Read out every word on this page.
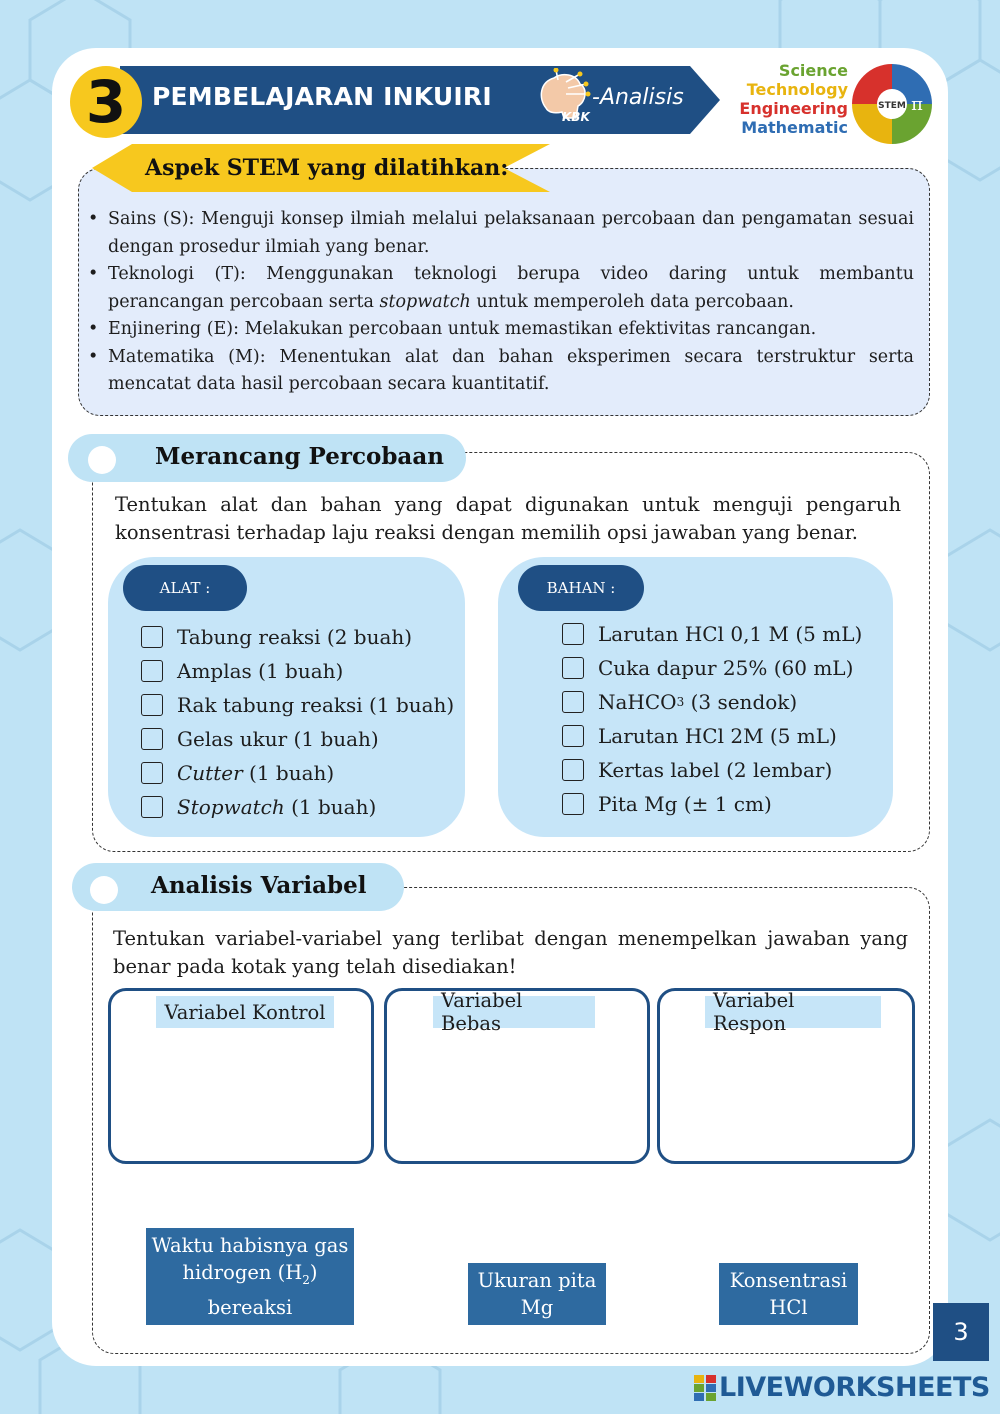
3	PEMBELAJARAN INKUIRI
KBK
-Analisis
Science
Technology
Engineering
Mathematic
STEM π
Aspek STEM yang dilatihkan:
• Sains (S): Menguji konsep ilmiah melalui pelaksanaan percobaan dan pengamatan sesuai dengan prosedur ilmiah yang benar.
• Teknologi (T): Menggunakan teknologi berupa video daring untuk membantu perancangan percobaan serta stopwatch untuk memperoleh data percobaan.
• Enjinering (E): Melakukan percobaan untuk memastikan efektivitas rancangan.
• Matematika (M): Menentukan alat dan bahan eksperimen secara terstruktur serta mencatat data hasil percobaan secara kuantitatif.
Merancang Percobaan
Tentukan alat dan bahan yang dapat digunakan untuk menguji pengaruh konsentrasi terhadap laju reaksi dengan memilih opsi jawaban yang benar.
ALAT :
Tabung reaksi (2 buah)
Amplas (1 buah)
Rak tabung reaksi (1 buah)
Gelas ukur (1 buah)
Cutter (1 buah)
Stopwatch (1 buah)
BAHAN :
Larutan HCl 0,1 M (5 mL)
Cuka dapur 25% (60 mL)
NaHCO 3 (3 sendok)
Larutan HCl 2M (5 mL)
Kertas label (2 lembar)
Pita Mg (± 1 cm)
Analisis Variabel
Tentukan variabel-variabel yang terlibat dengan menempelkan jawaban yang benar pada kotak yang telah disediakan!
Variabel Kontrol	Variabel Bebas
Variabel Respon
Waktu habisnya gas hidrogen $(H_2)$ bereaksi
Ukuran pita Mg
Konsentrasi HCl
3
LIVEWORKSHEETS
